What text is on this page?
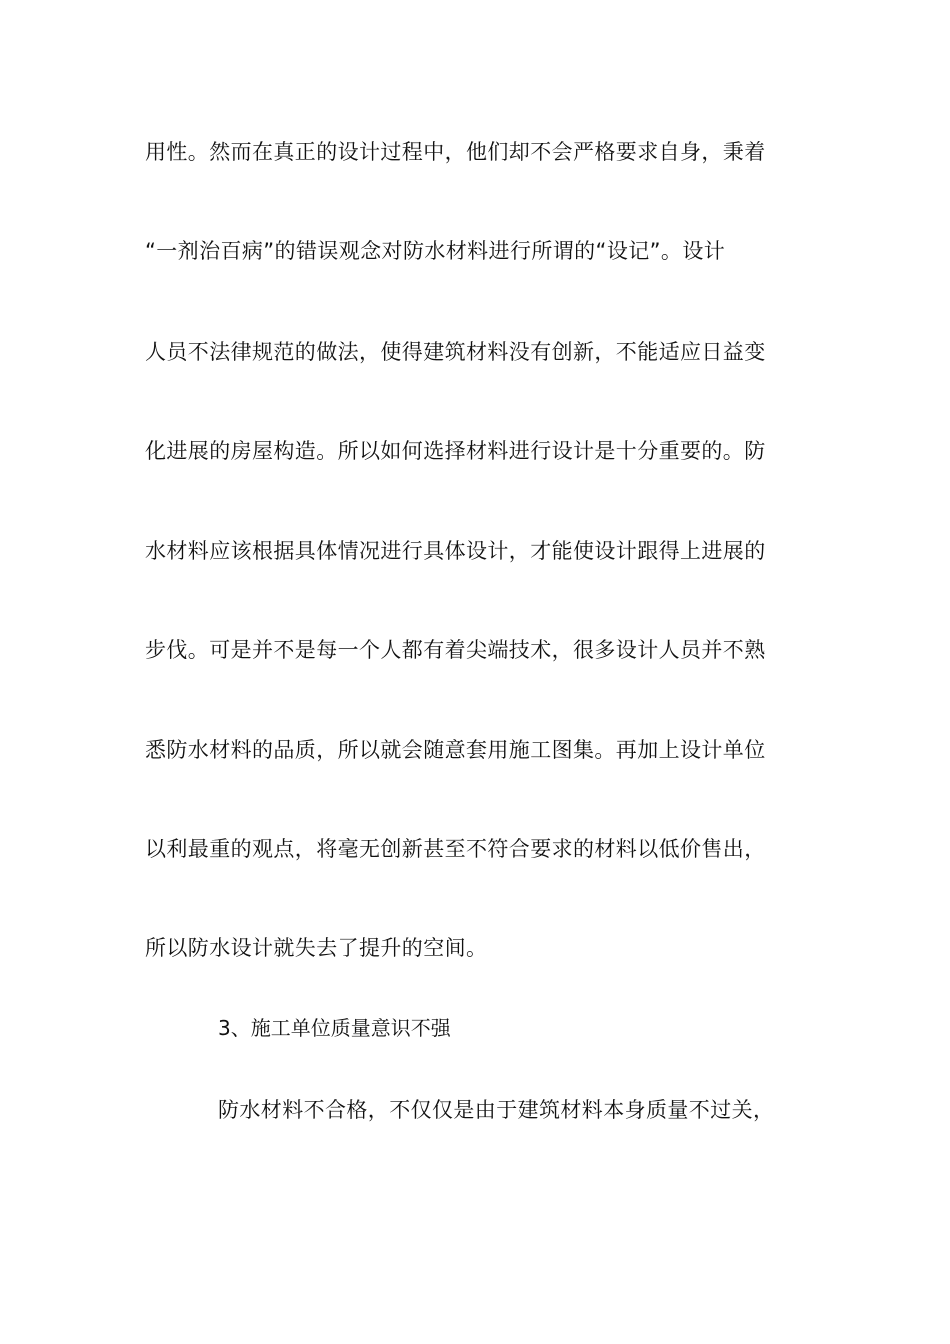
用性。然而在真正的设计过程中，他们却不会严格要求自身，秉着
“一剂治百病”的错误观念对防水材料进行所谓的“设记”。设计
人员不法律规范的做法，使得建筑材料没有创新，不能适应日益变
化进展的房屋构造。所以如何选择材料进行设计是十分重要的。防
水材料应该根据具体情况进行具体设计，才能使设计跟得上进展的
步伐。可是并不是每一个人都有着尖端技术，很多设计人员并不熟
悉防水材料的品质，所以就会随意套用施工图集。再加上设计单位
以利最重的观点，将毫无创新甚至不符合要求的材料以低价售出，
所以防水设计就失去了提升的空间。
3、施工单位质量意识不强
防水材料不合格，不仅仅是由于建筑材料本身质量不过关，
